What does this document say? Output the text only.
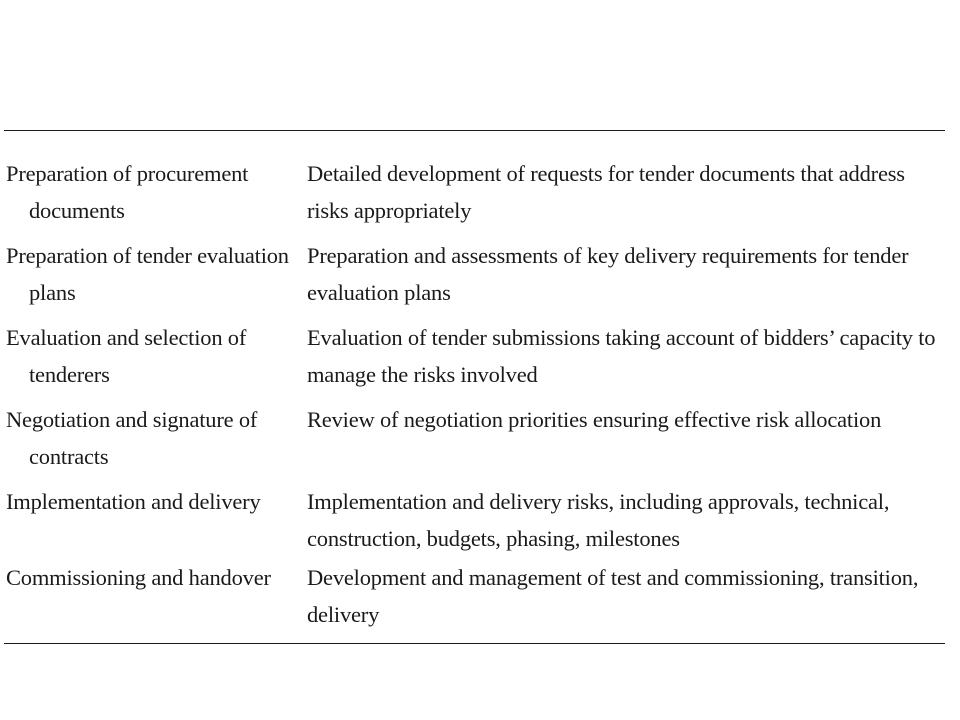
Preparation of procurement documents
Detailed development of requests for tender documents that address risks appropriately
Preparation of tender evaluation plans
Preparation and assessments of key delivery requirements for tender evaluation plans
Evaluation and selection of tenderers
Evaluation of tender submissions taking account of bidders’ capacity to manage the risks involved
Negotiation and signature of contracts
Review of negotiation priorities ensuring effective risk allocation
Implementation and delivery	Implementation and delivery risks, including approvals, technical, construction, budgets, phasing, milestones
Commissioning and handover	Development and management of test and commissioning, transition, delivery
